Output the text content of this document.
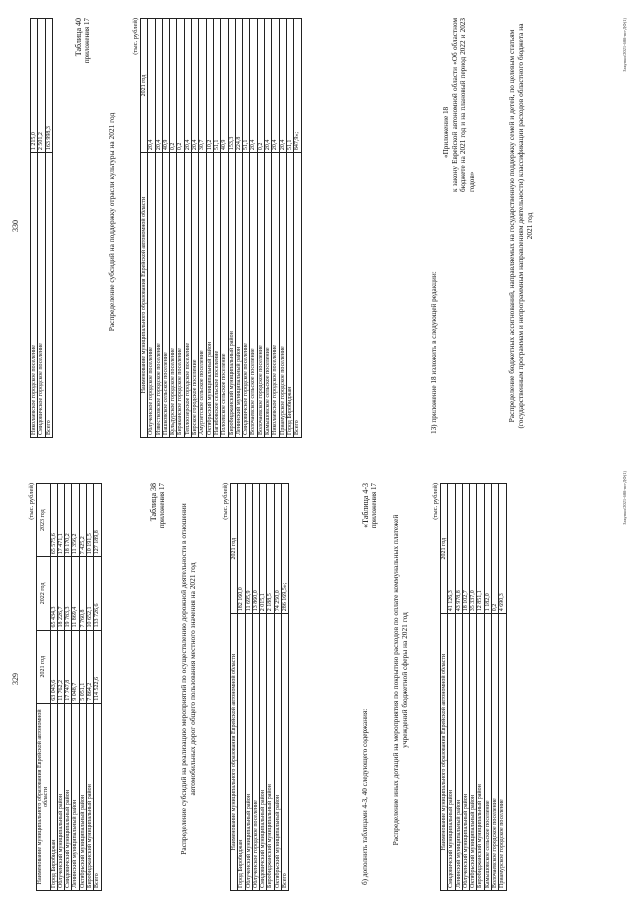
329
(тыс. рублей)
Наименование муниципального образования Еврейской автономной области	2021 год	2022 год	2023 год
Город Биробиджан	63 043,6	65 434,3	65 575,6
Облученский муниципальный район	11 762,2	18 226,7	17 471,1
Смидовичский муниципальный район	17 747,8	19 783,3	18 170,2
Ленинский муниципальный район	9 048,7	11 869,4	11 356,2
Октябрьский муниципальный район	5 051,1	7 760,8	7 425,2
Биробиджанский муниципальный район	7 864,2	10 652,1	10 191,5
Всего	114 522,6	133 726,6	127 189,8
Таблица 38 приложения 17 Распределение субсидий на реализацию мероприятий по осуществлению дорожной деятельности в отношении автомобильных дорог общего пользования местного значения на 2021 год

(тыс. рублей)
Наименование муниципального образования Еврейской автономной области	2021 год
Город Биробиджан	182 160,0
Облученский муниципальный район	11 695,9
Облученское городское поселение	13 860,0
Смидовичский муниципальный район	2 015,1
Биробиджанский муниципальный район	2 188,5
Октябрьский муниципальный район	74 250,0
Всего	286 169,5»;

б) дополнить таблицами 4-3, 40 следующего содержания:

«Таблица 4-3 приложения 17

Распределение иных дотаций на мероприятия по покрытию расходов по оплате коммунальных платежей учреждений бюджетной сферы на 2021 год

(тыс. рублей)
Наименование муниципального образования Еврейской автономной области	2021 год
Смидовичский муниципальный район	41 126,3
Ленинский муниципальный район	43 978,8
Облученский муниципальный район	18 102,7
Октябрьский муниципальный район	35 337,0
Биробиджанский муниципальный район	12 851,1
Камышовское сельское поселение	1 182,0
Волочаевское городское поселение	0,2
Приамурское городское поселение	4 690,3
Закупки/2021-608-пп-ДФ(1)
330
Николаевское городское поселение	1 215,0
Смидовичское городское поселение	2 501,2
Всего	163 998,3
Таблица 40 приложения 17

Распределение субсидий на поддержку отрасли культуры на 2021 год

(тыс. рублей)
Наименование муниципального образования Еврейской автономной области	2021 год
Облученское городское поселение	20,4
Известковское городское поселение	20,4
Пашковское сельское поселение	40,9
Кульдурское городское поселение	0,2
Бираканское городское поселение	0,2
Теплоозерское городское поселение	20,4
Бирское городское поселение	20,4
Амурзетское сельское поселение	30,7
Октябрьский муниципальный район	10,2
Нагибовское сельское поселение	51,1
Полоевское сельское поселение	40,9
Биробиджанский муниципальный район	153,3
Ленинский муниципальный район	224,8
Смидовичское городское поселение	51,1
Волочаевское сельское поселение	20,4
Волочаевское городское поселение	0,2
Камышовское сельское поселение	20,4
Николаевское городское поселение	20,4
Приамурское городское поселение	20,4
Город Биробиджан	51,1
Всего	847,9»;

13) приложение 18 изложить в следующей редакции:

«Приложение 18 к закону Еврейской автономной области «Об областном бюджете на 2021 год и на плановый период 2022 и 2023 годов»	Распределение бюджетных ассигнований, направляемых на государственную поддержку семей и детей, по целевым статьям (государственным программам и непрограммным направлениям деятельности) классификации расходов областного бюджета на 2021 год

Закупки/2021-608-пп-ДФ(1)
